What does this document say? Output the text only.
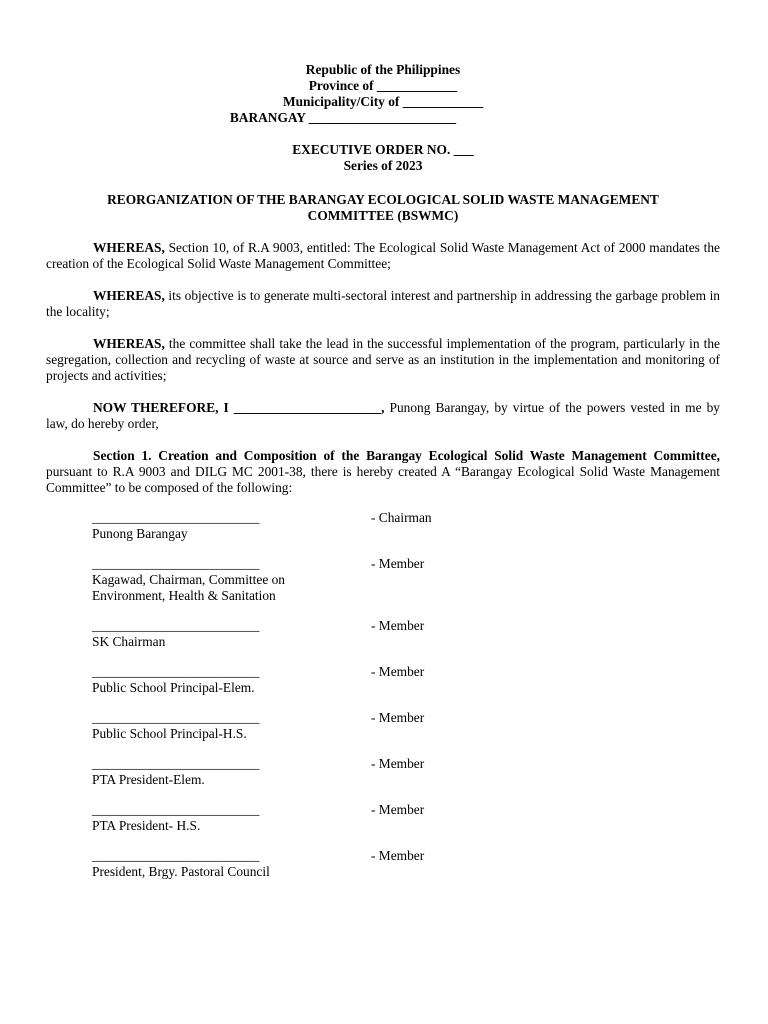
Republic of the Philippines
Province of ____________
Municipality/City of ____________
BARANGAY ______________________
EXECUTIVE ORDER NO. ___
Series of 2023
REORGANIZATION OF THE BARANGAY ECOLOGICAL SOLID WASTE MANAGEMENT
COMMITTEE (BSWMC)

WHEREAS, Section 10, of R.A 9003, entitled: The Ecological Solid Waste Management Act of 2000 mandates the creation of the Ecological Solid Waste Management Committee;

WHEREAS, its objective is to generate multi-sectoral interest and partnership in addressing the garbage problem in the locality;

WHEREAS, the committee shall take the lead in the successful implementation of the program, particularly in the segregation, collection and recycling of waste at source and serve as an institution in the implementation and monitoring of projects and activities;

NOW THEREFORE, I ______________________, Punong Barangay, by virtue of the powers vested in me by law, do hereby order,

Section 1. Creation and Composition of the Barangay Ecological Solid Waste Management Committee, pursuant to R.A 9003 and DILG MC 2001-38, there is hereby created A “Barangay Ecological Solid Waste Management Committee” to be composed of the following:

_________________________	- Chairman
Punong Barangay
_________________________	- Member
Kagawad, Chairman, Committee on
Environment, Health & Sanitation
_________________________	- Member
SK Chairman
_________________________	- Member
Public School Principal-Elem.
_________________________	- Member
Public School Principal-H.S.
_________________________	- Member
PTA President-Elem.
_________________________	- Member
PTA President- H.S.
_________________________	- Member
President, Brgy. Pastoral Council
